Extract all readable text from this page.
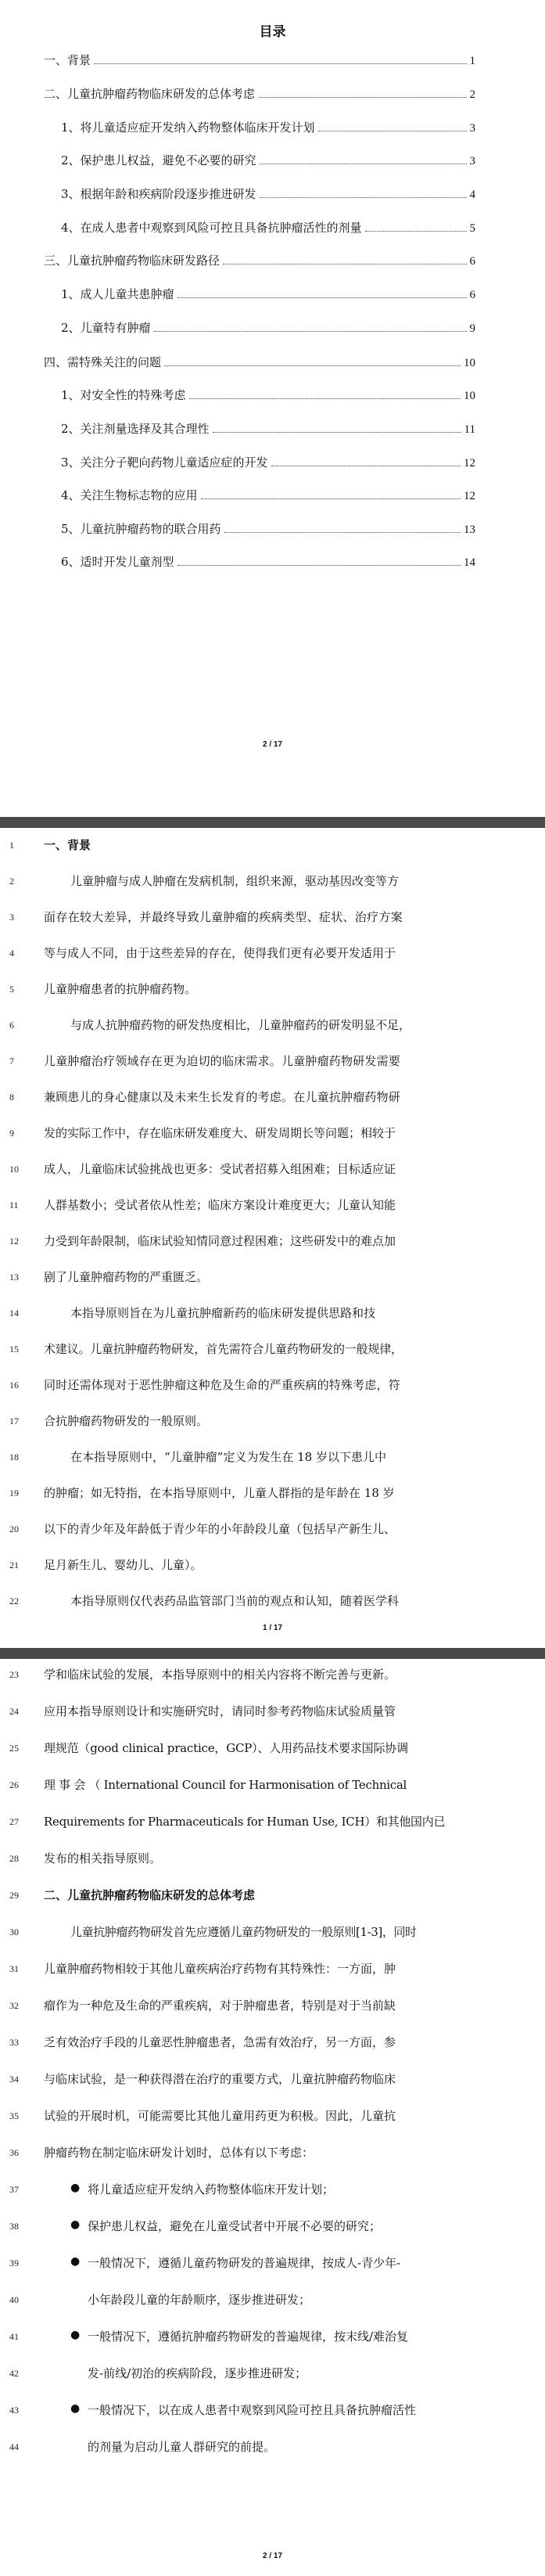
目录
一、背景	1
二、儿童抗肿瘤药物临床研发的总体考虑	2
1、将儿童适应症开发纳入药物整体临床开发计划	3
2、保护患儿权益，避免不必要的研究	3
3、根据年龄和疾病阶段逐步推进研发	4
4、在成人患者中观察到风险可控且具备抗肿瘤活性的剂量	5
三、儿童抗肿瘤药物临床研发路径	6
1、成人儿童共患肿瘤	6
2、儿童特有肿瘤	9
四、需特殊关注的问题	10
1、对安全性的特殊考虑	10
2、关注剂量选择及其合理性	11
3、关注分子靶向药物儿童适应症的开发	12
4、关注生物标志物的应用	12
5、儿童抗肿瘤药物的联合用药	13
6、适时开发儿童剂型	14
2 / 17
1	一、背景
2	儿童肿瘤与成人肿瘤在发病机制，组织来源，驱动基因改变等方
3	面存在较大差异，并最终导致儿童肿瘤的疾病类型、症状、治疗方案
4	等与成人不同，由于这些差异的存在，使得我们更有必要开发适用于
5	儿童肿瘤患者的抗肿瘤药物。
6	与成人抗肿瘤药物的研发热度相比，儿童肿瘤药的研发明显不足，
7	儿童肿瘤治疗领域存在更为迫切的临床需求。儿童肿瘤药物研发需要
8	兼顾患儿的身心健康以及未来生长发育的考虑。在儿童抗肿瘤药物研
9	发的实际工作中，存在临床研发难度大、研发周期长等问题；相较于
10	成人，儿童临床试验挑战也更多：受试者招募入组困难；目标适应证
11	人群基数小；受试者依从性差；临床方案设计难度更大；儿童认知能
12	力受到年龄限制，临床试验知情同意过程困难；这些研发中的难点加
13	剧了儿童肿瘤药物的严重匮乏。
14	本指导原则旨在为儿童抗肿瘤新药的临床研发提供思路和技
15	术建议。儿童抗肿瘤药物研发，首先需符合儿童药物研发的一般规律，
16	同时还需体现对于恶性肿瘤这种危及生命的严重疾病的特殊考虑，符
17	合抗肿瘤药物研发的一般原则。
18	在本指导原则中，“儿童肿瘤”定义为发生在 18 岁以下患儿中
19	的肿瘤；如无特指，在本指导原则中，儿童人群指的是年龄在 18 岁
20	以下的青少年及年龄低于青少年的小年龄段儿童（包括早产新生儿、
21	足月新生儿、婴幼儿、儿童）。
22	本指导原则仅代表药品监管部门当前的观点和认知，随着医学科
1 / 17
23	学和临床试验的发展，本指导原则中的相关内容将不断完善与更新。
24	应用本指导原则设计和实施研究时，请同时参考药物临床试验质量管
25	理规范（good clinical practice，GCP）、人用药品技术要求国际协调
26	理 事 会 （ International Council for Harmonisation of Technical
27	Requirements for Pharmaceuticals for Human Use, ICH）和其他国内已
28	发布的相关指导原则。
29	二、儿童抗肿瘤药物临床研发的总体考虑
30	儿童抗肿瘤药物研发首先应遵循儿童药物研发的一般原则[1-3]，同时
31	儿童肿瘤药物相较于其他儿童疾病治疗药物有其特殊性：一方面，肿
32	瘤作为一种危及生命的严重疾病，对于肿瘤患者，特别是对于当前缺
33	乏有效治疗手段的儿童恶性肿瘤患者，急需有效治疗，另一方面，参
34	与临床试验，是一种获得潜在治疗的重要方式，儿童抗肿瘤药物临床
35	试验的开展时机，可能需要比其他儿童用药更为积极。因此，儿童抗
36	肿瘤药物在制定临床研发计划时，总体有以下考虑：
37	将儿童适应症开发纳入药物整体临床开发计划；
●
38	保护患儿权益，避免在儿童受试者中开展不必要的研究；
●
39	一般情况下，遵循儿童药物研发的普遍规律，按成人-青少年-
●
40	小年龄段儿童的年龄顺序，逐步推进研发；
41	一般情况下，遵循抗肿瘤药物研发的普遍规律，按末线/难治复
●
42	发-前线/初治的疾病阶段，逐步推进研发；
43	一般情况下，以在成人患者中观察到风险可控且具备抗肿瘤活性
●
44	的剂量为启动儿童人群研究的前提。
2 / 17
